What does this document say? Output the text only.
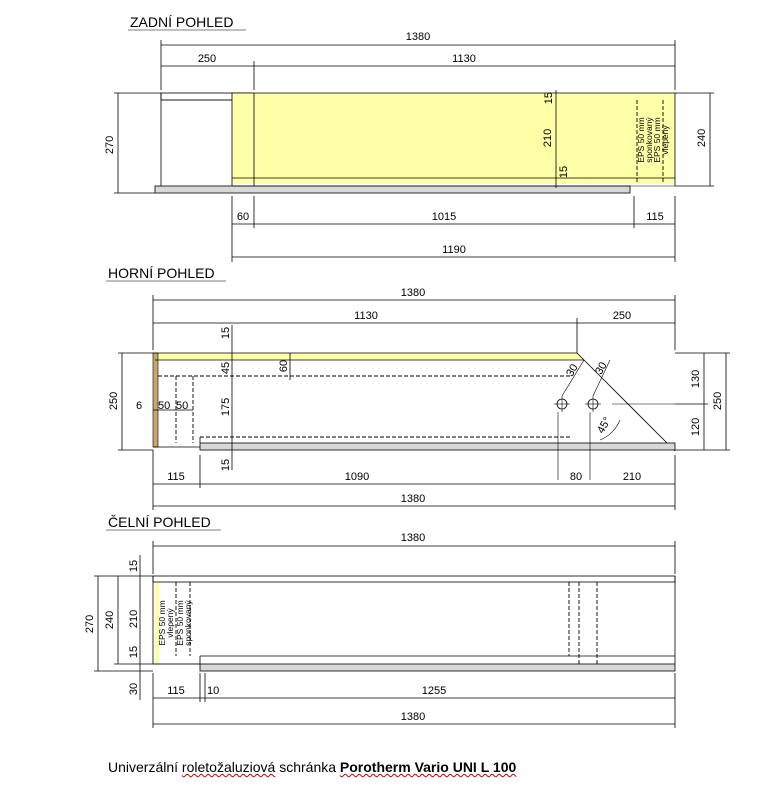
ZADNÍ POHLED
1380
250	1130
15
210
15
EPS 50 mm
sponkovaný
EPS 50 mm
vlepený
270	240
60	1015	115
1190
HORNÍ POHLED
1380
1130	250
15
45
175
15
60
6 50 50
250
30 30
45°
130
120
250
115	1090	80	210
1380
ČELNÍ POHLED
1380
EPS 50 mm
vlepený EPS 50 mm
sponkovaný
270 240
15
210
15
30 115 10	1255
1380
Univerzální roletožaluziová schránka Porotherm Vario UNI L 100
